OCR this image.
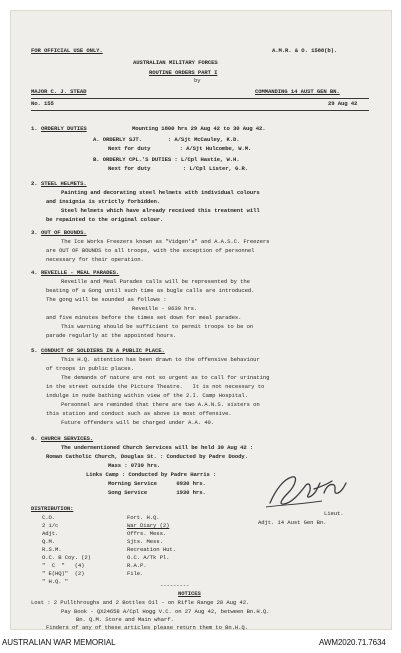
FOR OFFICIAL USE ONLY.	A.M.R. & O. 1588(b).
AUSTRALIAN MILITARY FORCES
ROUTINE ORDERS PART I
by
MAJOR C. J. STEAD	COMMANDING 14 AUST GEN BN.
No. 155	29 Aug 42
1. ORDERLY DUTIES	Mounting 1800 hrs 29 Aug 42 to 30 Aug 42.
A. ORDERLY SJT.        : A/Sjt McCauley, K.D.
Next for duty         : A/Sjt Hulcombe, W.M.
B. ORDERLY CPL.'S DUTIES : L/Cpl Hastie, W.H.
Next for duty          : L/Cpl Lister, G.R.
2. STEEL HELMETS.
Painting and decorating steel helmets with individual colours
and insignia is strictly forbidden.
Steel helmets which have already received this treatment will
be repainted to the original colour.
3. OUT OF BOUNDS.
The Ice Works Freezers known as "Vidgen's" and A.A.S.C. Freezers
are OUT OF BOUNDS to all troops, with the exception of personnel
necessary for their operation.
4. REVEILLE - MEAL PARADES.
Reveille and Meal Parades calls will be represented by the
beating of a Gong until such time as bugle calls are introduced.
The gong will be sounded as follows :
Reveille - 0630 hrs.
and five minutes before the times set down for meal parades.
This warning should be sufficient to permit troops to be on
parade regularly at the appointed hours.
5. CONDUCT OF SOLDIERS IN A PUBLIC PLACE.
This H.Q. attention has been drawn to the offensive behaviour
of troops in public places.
The demands of nature are not so urgent as to call for urinating
in the street outside the Picture Theatre.   It is not necessary to
indulge in nude bathing within view of the 2.I. Camp Hospital.
Personnel are reminded that there are two A.A.N.S. sisters on
this station and conduct such as above is most offensive.
Future offenders will be charged under A.A. 40.
6. CHURCH SERVICES.
The undermentioned Church Services will be held 30 Aug 42 :
Roman Catholic Church, Douglas St. : Conducted by Padre Doody.
Mass : 0730 hrs.
Links Camp : Conducted by Padre Harris :
Morning Service      0930 hrs.
Song Service         1930 hrs.
Lieut.
Adjt. 14 Aust Gen Bn.
DISTRIBUTION:
C.O.
2 i/c
Adjt.
Q.M.
R.S.M.
O.C. B Coy. (2)
"  C  "   (4)
" E(HQ)"  (2)
" H.Q. "
Fort. H.Q.
War Diary (2)
Offrs. Mess.
Sjts. Mess.
Recreation Hut.
O.C. A/Tk Pl.
R.A.P.
File.
---------
NOTICES
Lost : 2 Pullthroughs and 2 Bottles Oil - on Rifle Range 28 Aug 42.
Pay Book - QX24658 A/Cpl Hogg V.C. on 27 Aug 42, between Bn.H.Q.
Bn. Q.M. Store and Main wharf.
Finders of any of these articles please return them to Bn.H.Q.
AUSTRALIAN WAR MEMORIAL	AWM2020.71.7634
